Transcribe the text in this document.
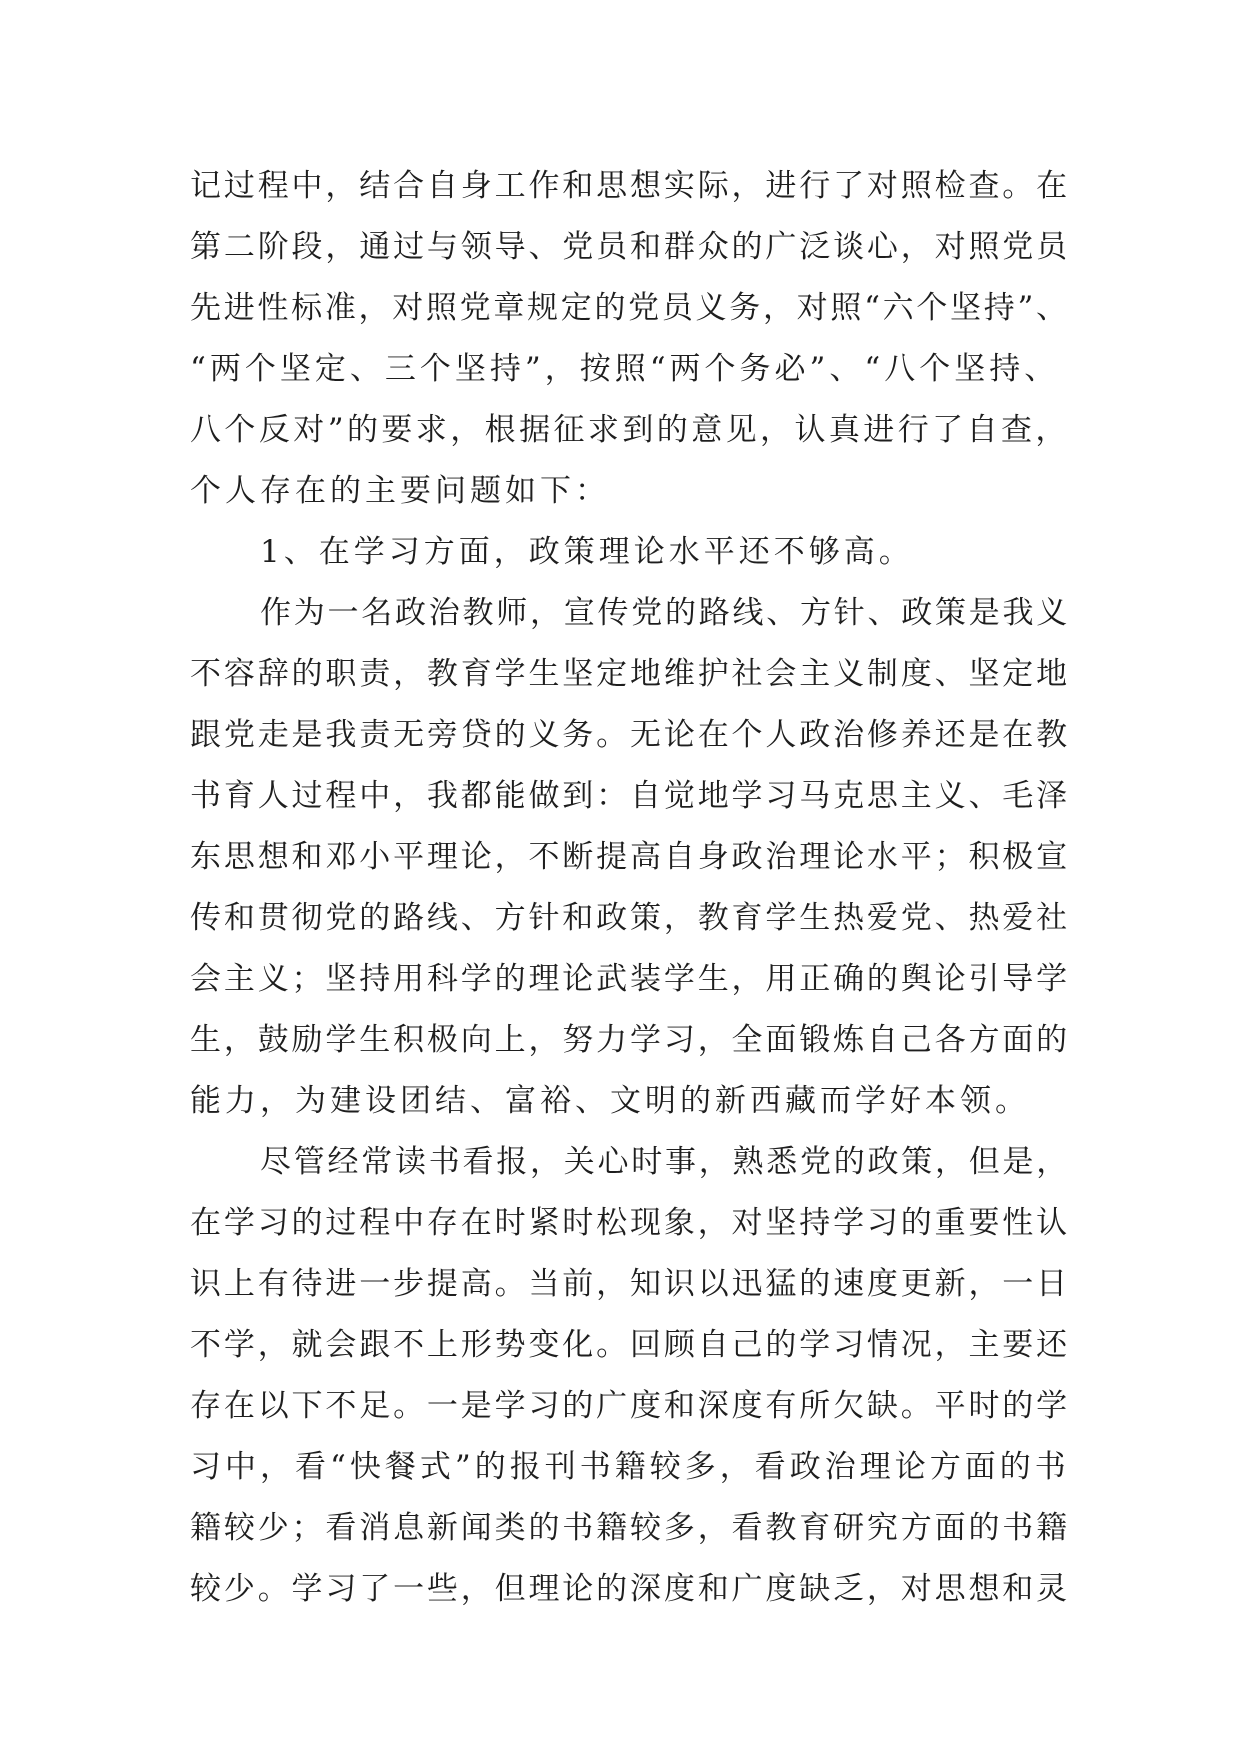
记过程中，结合自身工作和思想实际，进行了对照检查。在
第二阶段，通过与领导、党员和群众的广泛谈心，对照党员
先进性标准，对照党章规定的党员义务，对照“六个坚持”、
“两个坚定、三个坚持”，按照“两个务必”、“八个坚持、
八个反对”的要求，根据征求到的意见，认真进行了自查，
个人存在的主要问题如下：
1、在学习方面，政策理论水平还不够高。
作为一名政治教师，宣传党的路线、方针、政策是我义
不容辞的职责，教育学生坚定地维护社会主义制度、坚定地
跟党走是我责无旁贷的义务。无论在个人政治修养还是在教
书育人过程中，我都能做到：自觉地学习马克思主义、毛泽
东思想和邓小平理论，不断提高自身政治理论水平；积极宣
传和贯彻党的路线、方针和政策，教育学生热爱党、热爱社
会主义；坚持用科学的理论武装学生，用正确的舆论引导学
生，鼓励学生积极向上，努力学习，全面锻炼自己各方面的
能力，为建设团结、富裕、文明的新西藏而学好本领。
尽管经常读书看报，关心时事，熟悉党的政策，但是，
在学习的过程中存在时紧时松现象，对坚持学习的重要性认
识上有待进一步提高。当前，知识以迅猛的速度更新，一日
不学，就会跟不上形势变化。回顾自己的学习情况，主要还
存在以下不足。一是学习的广度和深度有所欠缺。平时的学
习中，看“快餐式”的报刊书籍较多，看政治理论方面的书
籍较少；看消息新闻类的书籍较多，看教育研究方面的书籍
较少。学习了一些，但理论的深度和广度缺乏，对思想和灵
